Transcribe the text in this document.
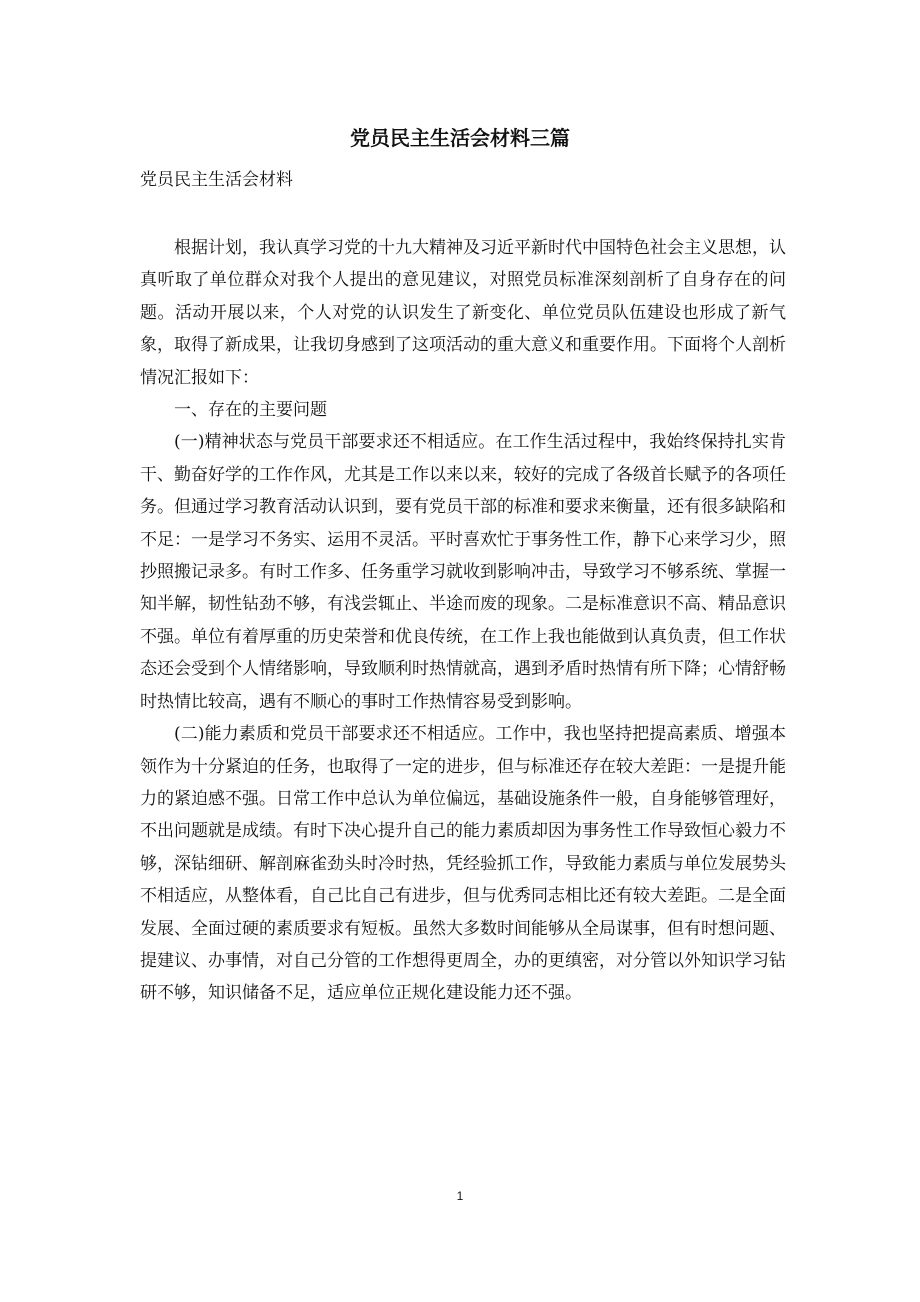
党员民主生活会材料三篇

党员民主生活会材料

根据计划，我认真学习党的十九大精神及习近平新时代中国特色社会主义思想，认真听取了单位群众对我个人提出的意见建议，对照党员标准深刻剖析了自身存在的问题。活动开展以来，个人对党的认识发生了新变化、单位党员队伍建设也形成了新气象，取得了新成果，让我切身感到了这项活动的重大意义和重要作用。下面将个人剖析情况汇报如下：

一、存在的主要问题

(一)精神状态与党员干部要求还不相适应。在工作生活过程中，我始终保持扎实肯干、勤奋好学的工作作风，尤其是工作以来以来，较好的完成了各级首长赋予的各项任务。但通过学习教育活动认识到，要有党员干部的标准和要求来衡量，还有很多缺陷和不足：一是学习不务实、运用不灵活。平时喜欢忙于事务性工作，静下心来学习少，照抄照搬记录多。有时工作多、任务重学习就收到影响冲击，导致学习不够系统、掌握一知半解，韧性钻劲不够，有浅尝辄止、半途而废的现象。二是标准意识不高、精品意识不强。单位有着厚重的历史荣誉和优良传统，在工作上我也能做到认真负责，但工作状态还会受到个人情绪影响，导致顺利时热情就高，遇到矛盾时热情有所下降；心情舒畅时热情比较高，遇有不顺心的事时工作热情容易受到影响。

(二)能力素质和党员干部要求还不相适应。工作中，我也坚持把提高素质、增强本领作为十分紧迫的任务，也取得了一定的进步，但与标准还存在较大差距：一是提升能力的紧迫感不强。日常工作中总认为单位偏远，基础设施条件一般，自身能够管理好，不出问题就是成绩。有时下决心提升自己的能力素质却因为事务性工作导致恒心毅力不够，深钻细研、解剖麻雀劲头时冷时热，凭经验抓工作，导致能力素质与单位发展势头不相适应，从整体看，自己比自己有进步，但与优秀同志相比还有较大差距。二是全面发展、全面过硬的素质要求有短板。虽然大多数时间能够从全局谋事，但有时想问题、提建议、办事情，对自己分管的工作想得更周全，办的更缜密，对分管以外知识学习钻研不够，知识储备不足，适应单位正规化建设能力还不强。

1
